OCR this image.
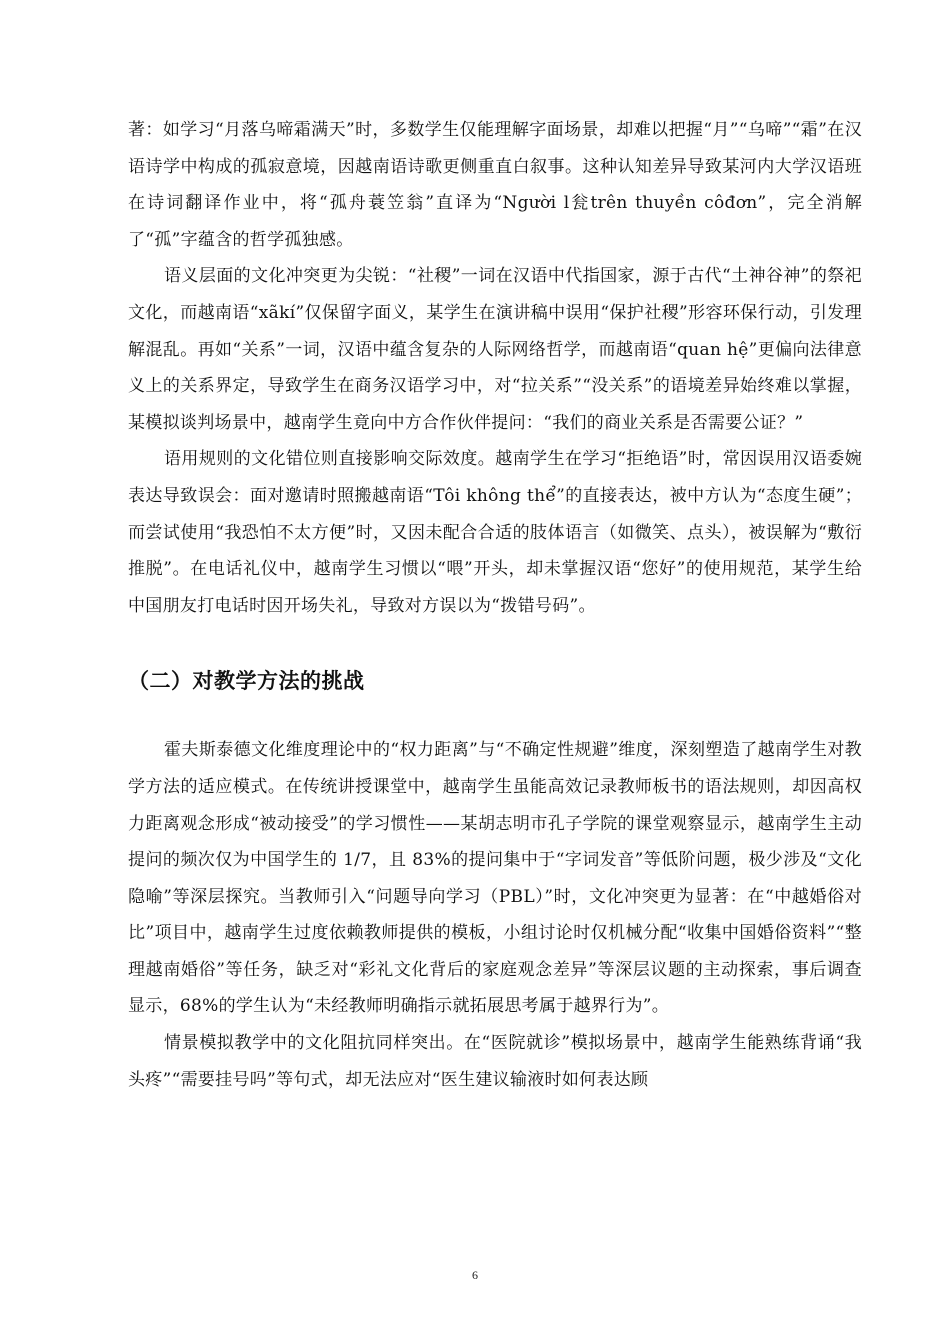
著：如学习“月落乌啼霜满天”时，多数学生仅能理解字面场景，却难以把握“月”“乌啼”“霜”在汉语诗学中构成的孤寂意境，因越南语诗歌更侧重直白叙事。这种认知差异导致某河内大学汉语班在诗词翻译作业中，将“孤舟蓑笠翁”直译为“Người l瓮trên thuyền côđơn”，完全消解了“孤”字蕴含的哲学孤独感。

语义层面的文化冲突更为尖锐：“社稷”一词在汉语中代指国家，源于古代“土神谷神”的祭祀文化，而越南语“xãkí”仅保留字面义，某学生在演讲稿中误用“保护社稷”形容环保行动，引发理解混乱。再如“关系”一词，汉语中蕴含复杂的人际网络哲学，而越南语“quan hệ”更偏向法律意义上的关系界定，导致学生在商务汉语学习中，对“拉关系”“没关系”的语境差异始终难以掌握，某模拟谈判场景中，越南学生竟向中方合作伙伴提问：“我们的商业关系是否需要公证？”

语用规则的文化错位则直接影响交际效度。越南学生在学习“拒绝语”时，常因误用汉语委婉表达导致误会：面对邀请时照搬越南语“Tôi không thể”的直接表达，被中方认为“态度生硬”；而尝试使用“我恐怕不太方便”时，又因未配合合适的肢体语言（如微笑、点头），被误解为“敷衍推脱”。在电话礼仪中，越南学生习惯以“喂”开头，却未掌握汉语“您好”的使用规范，某学生给中国朋友打电话时因开场失礼，导致对方误以为“拨错号码”。

（二）对教学方法的挑战

霍夫斯泰德文化维度理论中的“权力距离”与“不确定性规避”维度，深刻塑造了越南学生对教学方法的适应模式。在传统讲授课堂中，越南学生虽能高效记录教师板书的语法规则，却因高权力距离观念形成“被动接受”的学习惯性——某胡志明市孔子学院的课堂观察显示，越南学生主动提问的频次仅为中国学生的 1/7，且 83%的提问集中于“字词发音”等低阶问题，极少涉及“文化隐喻”等深层探究。当教师引入“问题导向学习（PBL）”时，文化冲突更为显著：在“中越婚俗对比”项目中，越南学生过度依赖教师提供的模板，小组讨论时仅机械分配“收集中国婚俗资料”“整理越南婚俗”等任务，缺乏对“彩礼文化背后的家庭观念差异”等深层议题的主动探索，事后调查显示，68%的学生认为“未经教师明确指示就拓展思考属于越界行为”。

情景模拟教学中的文化阻抗同样突出。在“医院就诊”模拟场景中，越南学生能熟练背诵“我头疼”“需要挂号吗”等句式，却无法应对“医生建议输液时如何表达顾

6
